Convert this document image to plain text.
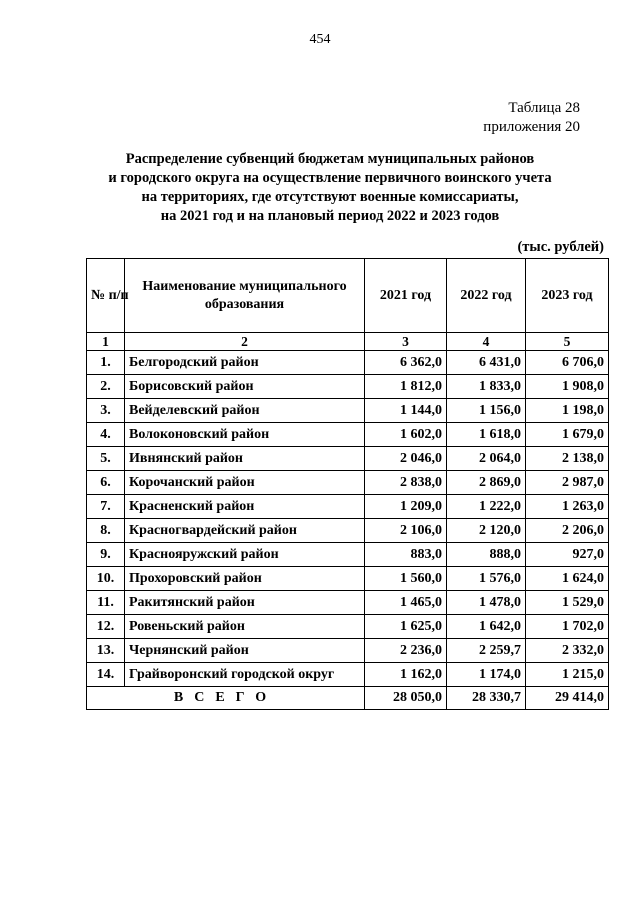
454
Таблица 28
приложения 20
Распределение субвенций бюджетам муниципальных районов
и городского округа на осуществление первичного воинского учета
на территориях, где отсутствуют военные комиссариаты,
на 2021 год и на плановый период 2022 и 2023 годов
(тыс. рублей)
№ п/п	Наименование муниципального образования	2021 год	2022 год	2023 год
1	2	3	4	5
1.	Белгородский район	6 362,0	6 431,0	6 706,0
2.	Борисовский район	1 812,0	1 833,0	1 908,0
3.	Вейделевский район	1 144,0	1 156,0	1 198,0
4.	Волоконовский район	1 602,0	1 618,0	1 679,0
5.	Ивнянский район	2 046,0	2 064,0	2 138,0
6.	Корочанский район	2 838,0	2 869,0	2 987,0
7.	Красненский район	1 209,0	1 222,0	1 263,0
8.	Красногвардейский район	2 106,0	2 120,0	2 206,0
9.	Краснояружский район	883,0	888,0	927,0
10.	Прохоровский район	1 560,0	1 576,0	1 624,0
11.	Ракитянский район	1 465,0	1 478,0	1 529,0
12.	Ровеньский район	1 625,0	1 642,0	1 702,0
13.	Чернянский район	2 236,0	2 259,7	2 332,0
14.	Грайворонский городской округ	1 162,0	1 174,0	1 215,0
ВСЕГО		28 050,0	28 330,7	29 414,0
